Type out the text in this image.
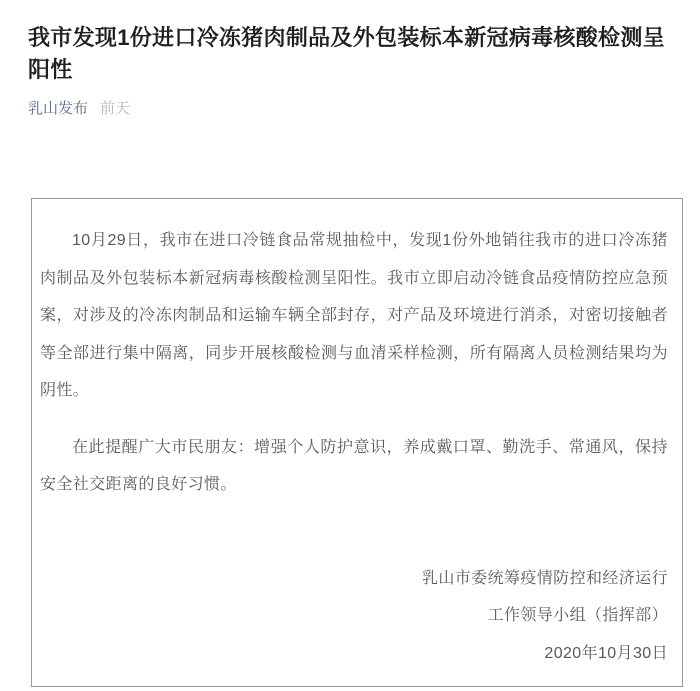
我市发现1份进口冷冻猪肉制品及外包装标本新冠病毒核酸检测呈阳性
乳山发布 前天

10月29日，我市在进口冷链食品常规抽检中，发现1份外地销往我市的进口冷冻猪肉制品及外包装标本新冠病毒核酸检测呈阳性。我市立即启动冷链食品疫情防控应急预案，对涉及的冷冻肉制品和运输车辆全部封存，对产品及环境进行消杀，对密切接触者等全部进行集中隔离，同步开展核酸检测与血清采样检测，所有隔离人员检测结果均为阴性。

在此提醒广大市民朋友：增强个人防护意识，养成戴口罩、勤洗手、常通风，保持安全社交距离的良好习惯。

乳山市委统筹疫情防控和经济运行

工作领导小组（指挥部）

2020年10月30日
